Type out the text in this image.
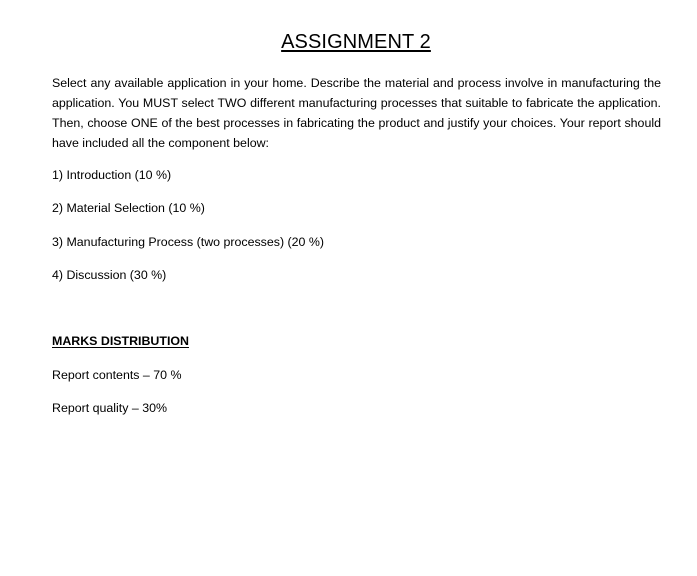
ASSIGNMENT 2

Select any available application in your home. Describe the material and process involve in manufacturing the application. You MUST select TWO different manufacturing processes that suitable to fabricate the application. Then, choose ONE of the best processes in fabricating the product and justify your choices. Your report should have included all the component below:

1) Introduction (10 %)
2) Material Selection (10 %)
3) Manufacturing Process (two processes) (20 %)
4) Discussion (30 %)
MARKS DISTRIBUTION
Report contents – 70 %
Report quality – 30%
